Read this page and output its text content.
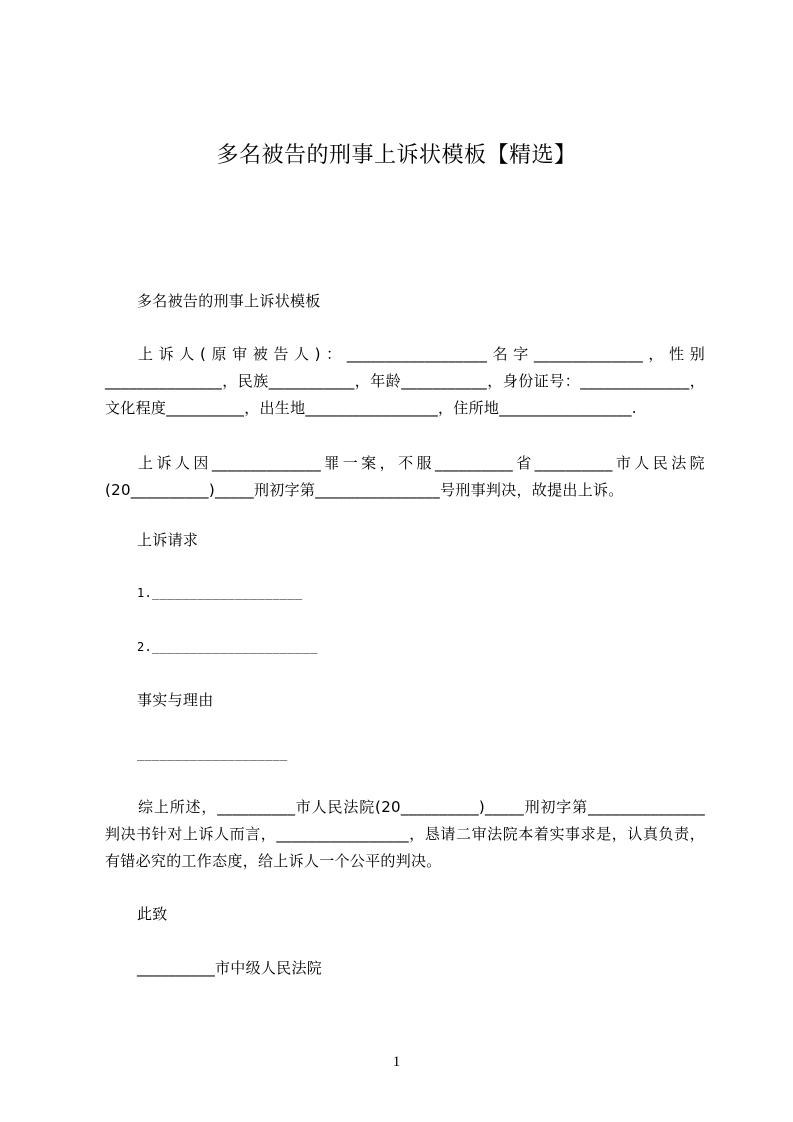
多名被告的刑事上诉状模板【精选】
多名被告的刑事上诉状模板
上诉人(原审被告人)：__________________名字______________，性别_______________，民族___________，年龄___________，身份证号：______________，文化程度__________，出生地_________________，住所地_________________.
上诉人因______________罪一案，不服__________省__________市人民法院(20__________)_____刑初字第________________号刑事判决，故提出上诉。
上诉请求
1.____________________
2.______________________
事实与理由
____________________
综上所述，__________市人民法院(20__________)_____刑初字第_______________判决书针对上诉人而言，_________________，恳请二审法院本着实事求是，认真负责，有错必究的工作态度，给上诉人一个公平的判决。
此致
__________市中级人民法院
1
